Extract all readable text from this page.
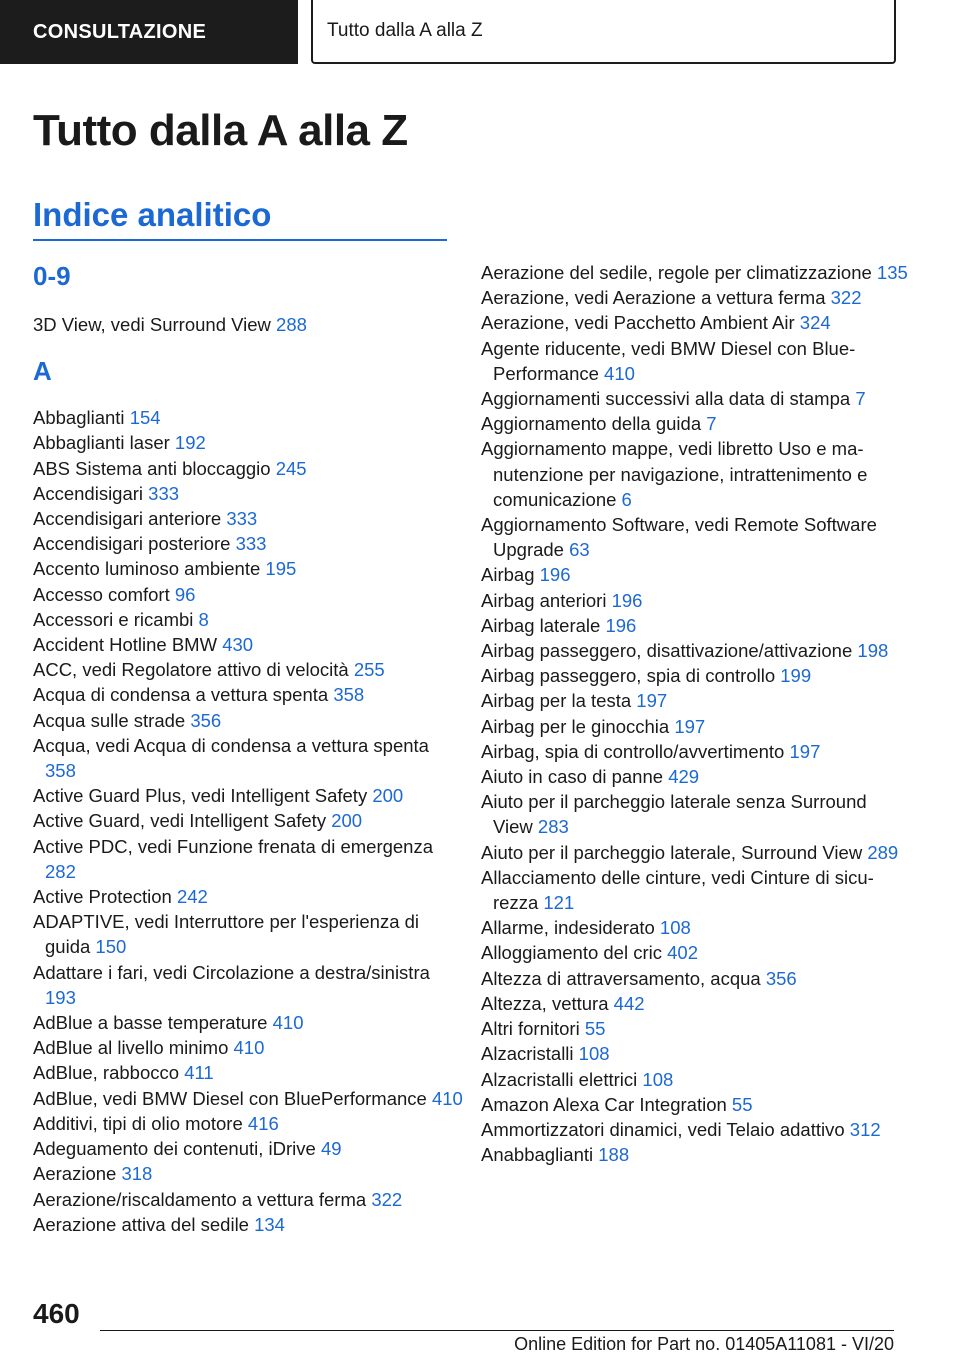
CONSULTAZIONE	Tutto dalla A alla Z
Tutto dalla A alla Z
Indice analitico
0-9
3D View, vedi Surround View 288
A
Abbaglianti 154
Abbaglianti laser 192
ABS Sistema anti bloccaggio 245
Accendisigari 333
Accendisigari anteriore 333
Accendisigari posteriore 333
Accento luminoso ambiente 195
Accesso comfort 96
Accessori e ricambi 8
Accident Hotline BMW 430
ACC, vedi Regolatore attivo di velocità 255
Acqua di condensa a vettura spenta 358
Acqua sulle strade 356
Acqua, vedi Acqua di condensa a vettura spenta 358
Active Guard Plus, vedi Intelligent Safety 200
Active Guard, vedi Intelligent Safety 200
Active PDC, vedi Funzione frenata di emergenza 282
Active Protection 242
ADAPTIVE, vedi Interruttore per l'esperienza di guida 150
Adattare i fari, vedi Circolazione a destra/sinistra 193
AdBlue a basse temperature 410
AdBlue al livello minimo 410
AdBlue, rabbocco 411
AdBlue, vedi BMW Diesel con BluePerformance 410
Additivi, tipi di olio motore 416
Adeguamento dei contenuti, iDrive 49
Aerazione 318
Aerazione/riscaldamento a vettura ferma 322
Aerazione attiva del sedile 134
Aerazione del sedile, regole per climatizzazione 135
Aerazione, vedi Aerazione a vettura ferma 322
Aerazione, vedi Pacchetto Ambient Air 324
Agente riducente, vedi BMW Diesel con BluePerformance 410
Aggiornamenti successivi alla data di stampa 7
Aggiornamento della guida 7
Aggiornamento mappe, vedi libretto Uso e manutenzione per navigazione, intrattenimento e comunicazione 6
Aggiornamento Software, vedi Remote Software Upgrade 63
Airbag 196
Airbag anteriori 196
Airbag laterale 196
Airbag passeggero, disattivazione/attivazione 198
Airbag passeggero, spia di controllo 199
Airbag per la testa 197
Airbag per le ginocchia 197
Airbag, spia di controllo/avvertimento 197
Aiuto in caso di panne 429
Aiuto per il parcheggio laterale senza Surround View 283
Aiuto per il parcheggio laterale, Surround View 289
Allacciamento delle cinture, vedi Cinture di sicurezza 121
Allarme, indesiderato 108
Alloggiamento del cric 402
Altezza di attraversamento, acqua 356
Altezza, vettura 442
Altri fornitori 55
Alzacristalli 108
Alzacristalli elettrici 108
Amazon Alexa Car Integration 55
Ammortizzatori dinamici, vedi Telaio adattivo 312
Anabbaglianti 188
460
Online Edition for Part no. 01405A11081 - VI/20
